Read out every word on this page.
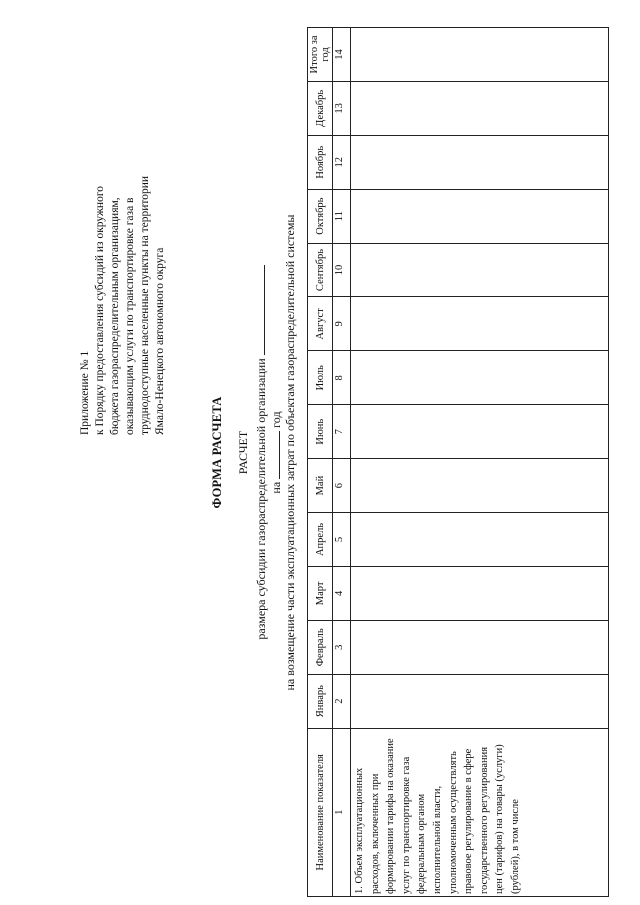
Приложение № 1 к Порядку предоставления субсидий из окружного бюджета газораспределительным организациям, оказывающим услуги по транспортировке газа в труднодоступные населенные пункты на территории Ямало-Ненецкого автономного округа
ФОРМА РАСЧЕТА РАСЧЕТ размера субсидии газораспределительной организации на  год на возмещение части эксплуатационных затрат по объектам газораспределительной системы
Наименование показателя	Январь	Февраль	Март	Апрель	Май	Июнь	Июль	Август	Сентябрь	Октябрь	Ноябрь	Декабрь	Итого за год
1	2	3	4	5	6	7	8	9	10	11	12	13	14
1. Объем эксплуатационных расходов, включенных при формировании тарифа на оказание услуг по транспортировке газа федеральным органом исполнительной власти, уполномоченным осуществлять правовое регулирование в сфере государственного регулирования цен (тарифов) на товары (услуги) (рублей), в том числе													
